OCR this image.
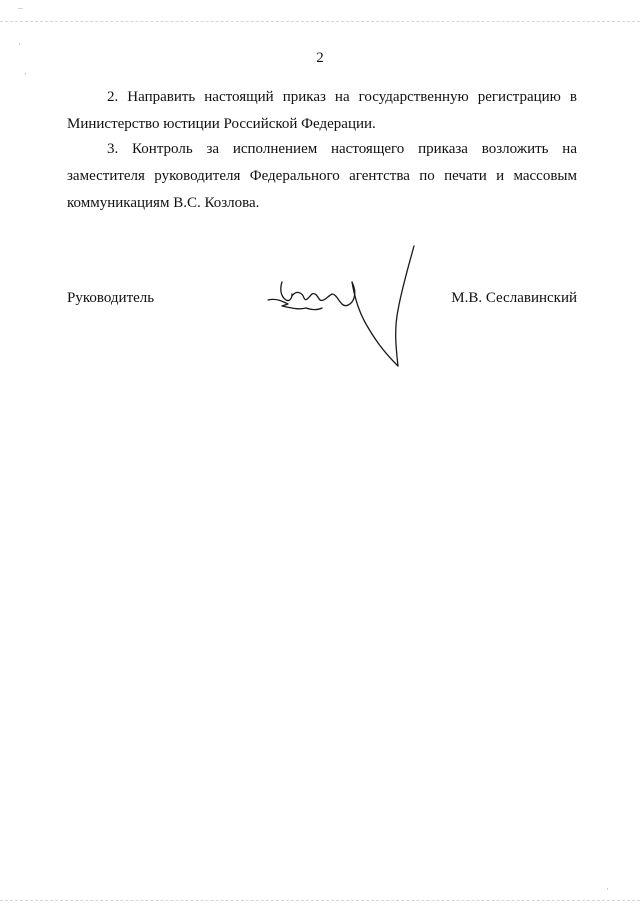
¯
·
·
·
2

2. Направить настоящий приказ на государственную регистрацию в
Министерство юстиции Российской Федерации.

3. Контроль за исполнением настоящего приказа возложить на
заместителя руководителя Федерального агентства по печати и массовым
коммуникациям В.С. Козлова.

Руководитель	М.В. Сеславинский
